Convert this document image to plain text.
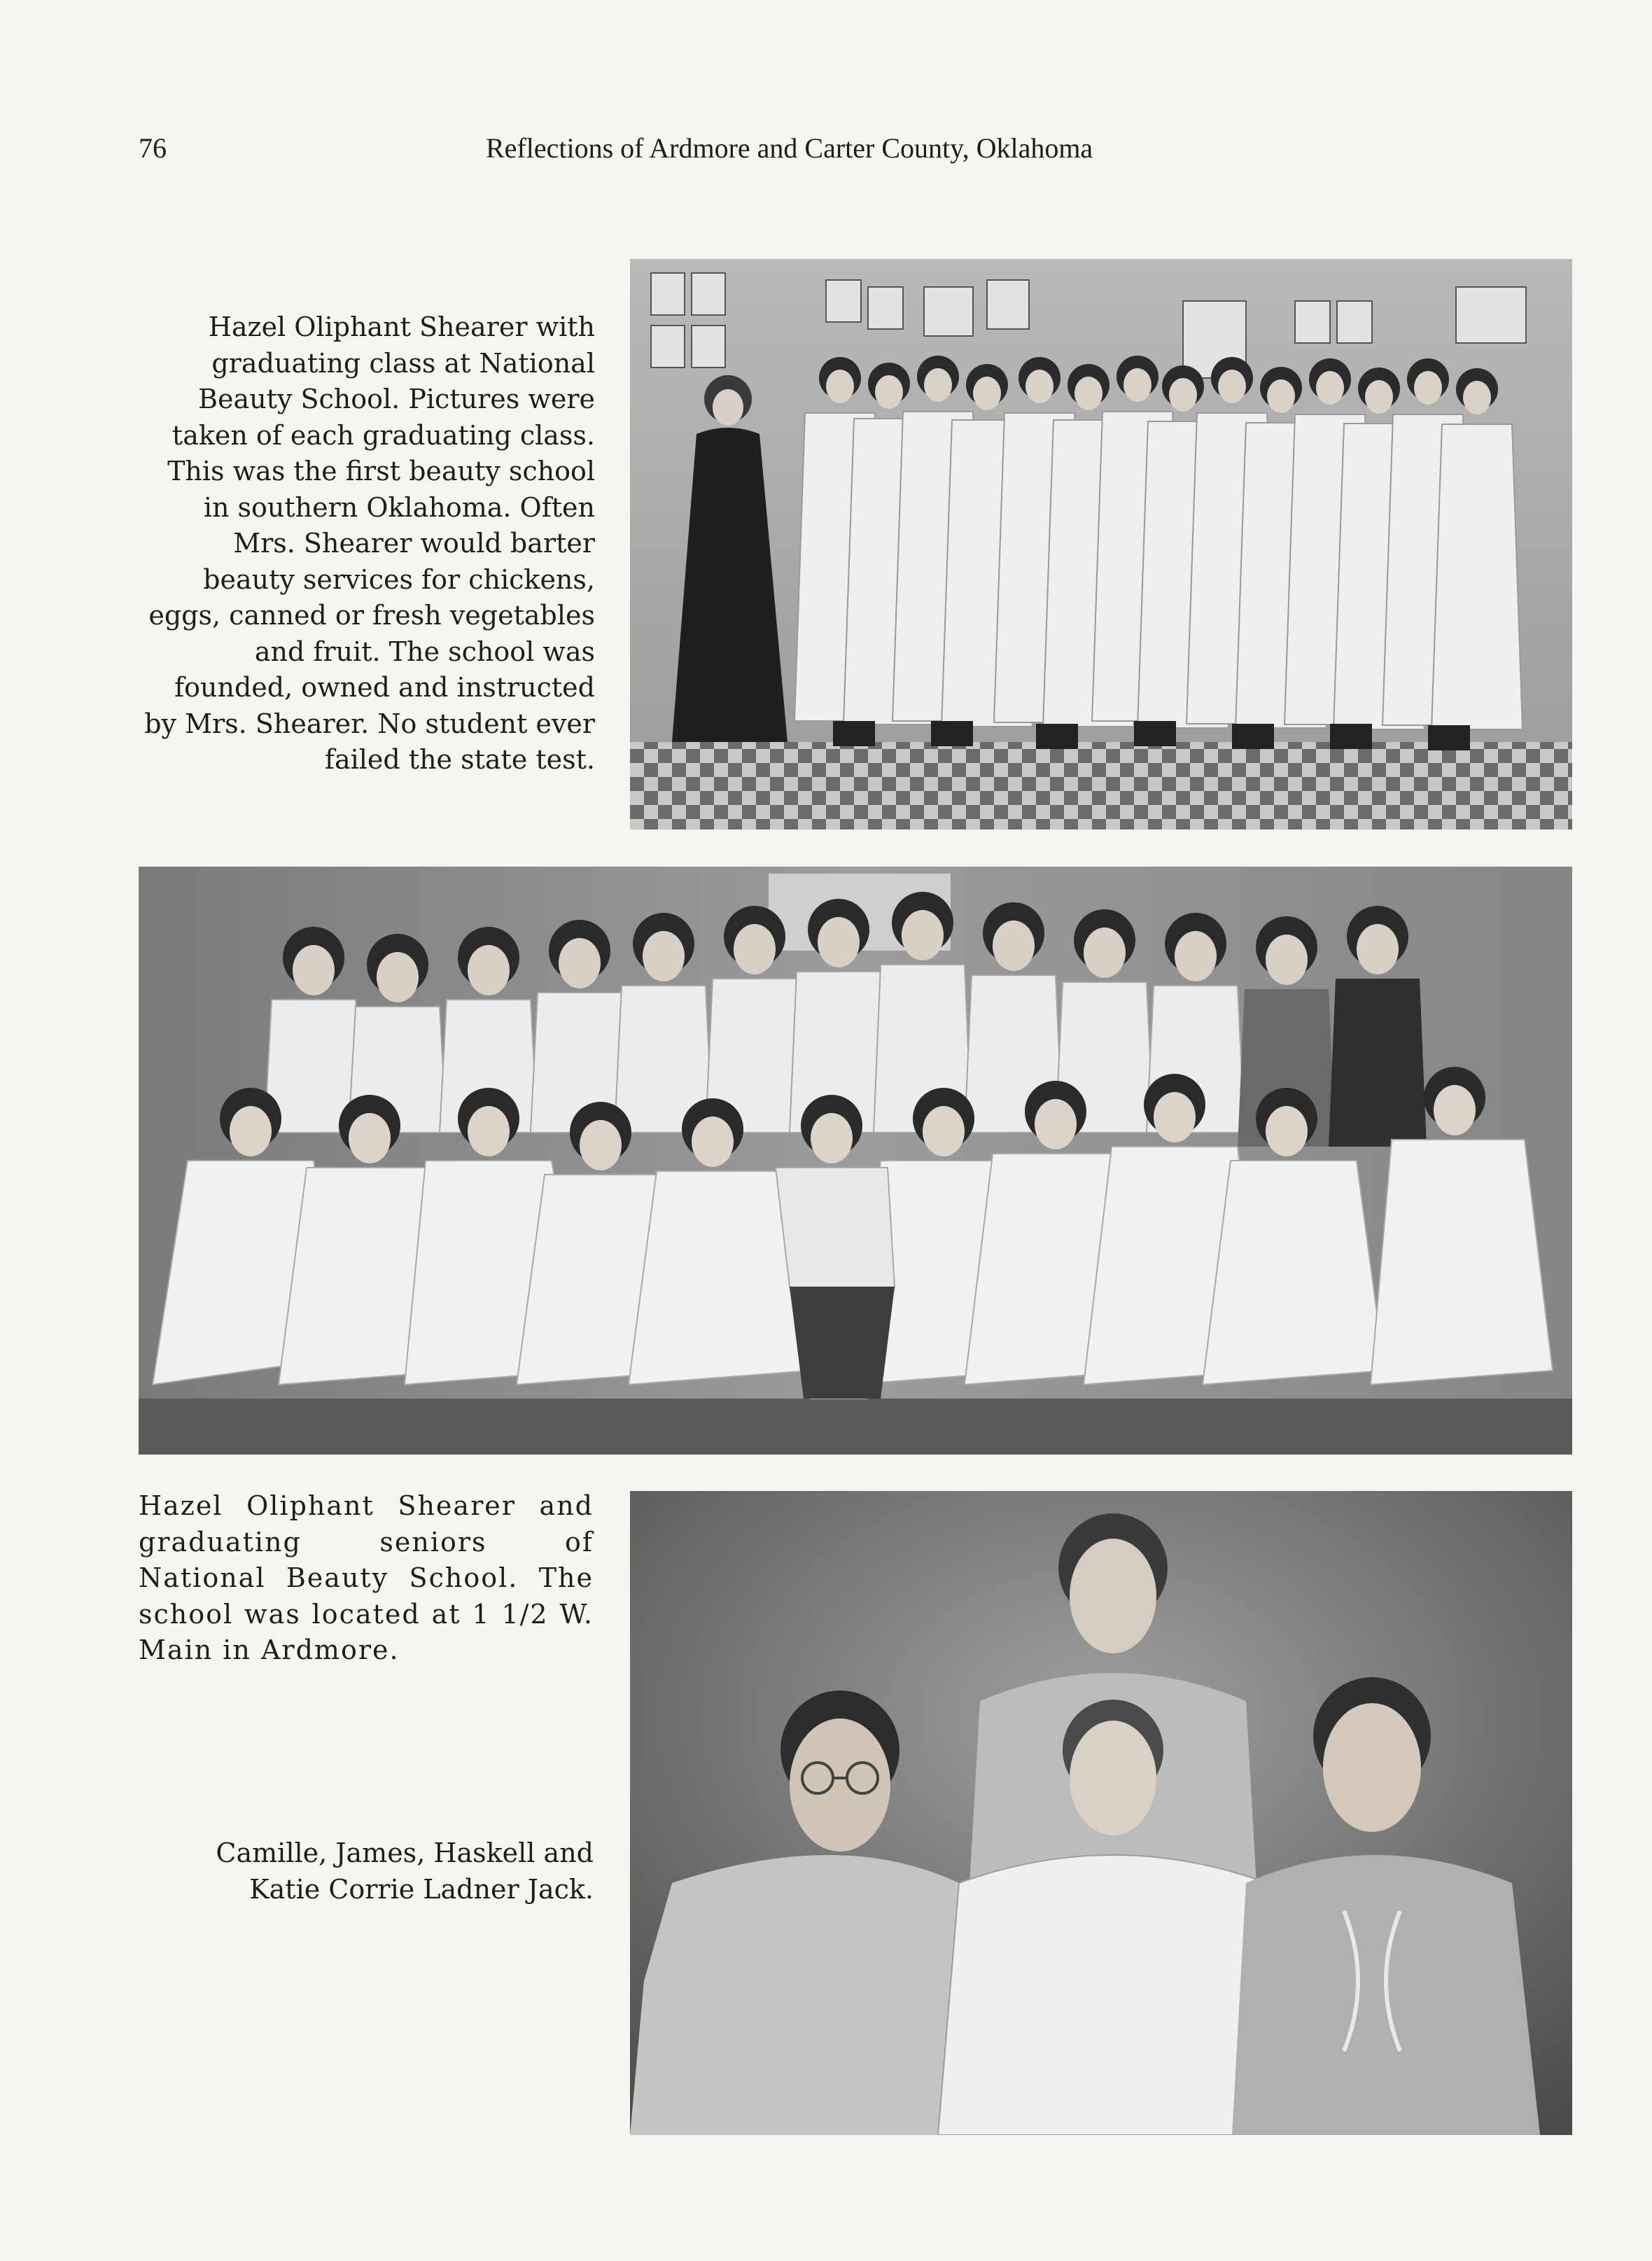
76	Reflections of Ardmore and Carter County, Oklahoma
Hazel Oliphant Shearer with graduating class at National Beauty School. Pictures were taken of each graduating class. This was the first beauty school in southern Oklahoma. Often Mrs. Shearer would barter beauty services for chickens, eggs, canned or fresh vegetables and fruit. The school was founded, owned and instructed by Mrs. Shearer. No student ever failed the state test.
Hazel Oliphant Shearer and graduating seniors of National Beauty School. The school was located at 1 1/2 W. Main in Ardmore.
Camille, James, Haskell and Katie Corrie Ladner Jack.
